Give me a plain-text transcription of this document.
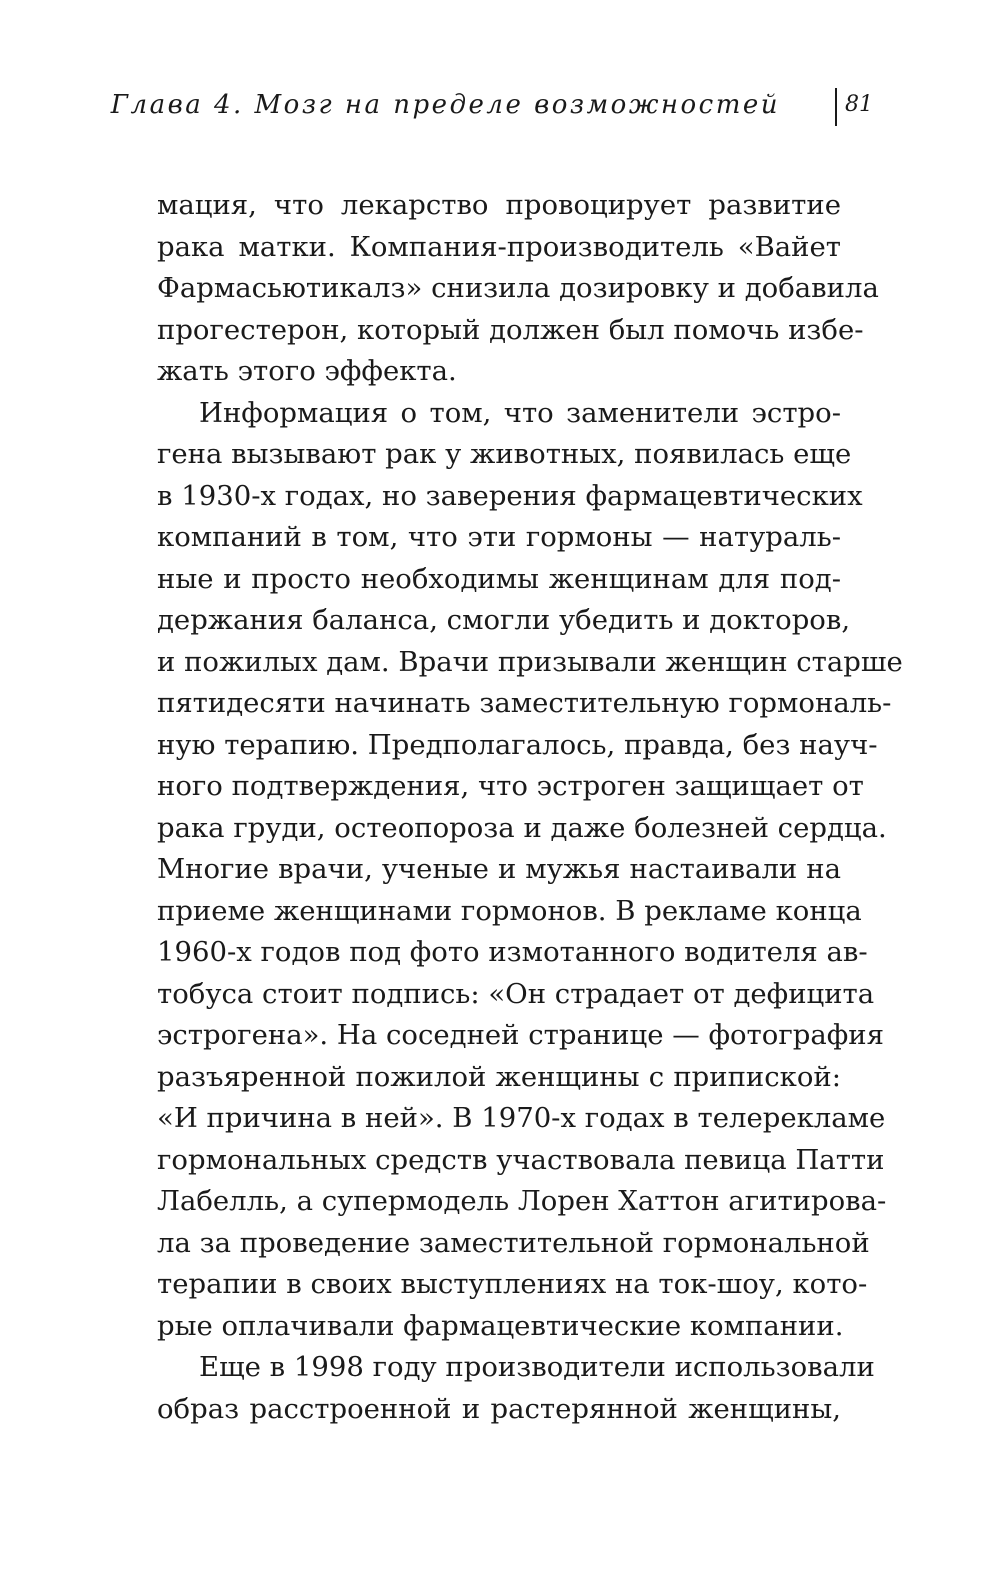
Глава 4. Мозг на пределе возможностей	81
мация, что лекарство провоцирует развитие
рака матки. Компания-производитель «Вайет
Фармасьютикалз» снизила дозировку и добавила
прогестерон, который должен был помочь избе-
жать этого эффекта.
Информация о том, что заменители эстро-
гена вызывают рак у животных, появилась еще
в 1930-х годах, но заверения фармацевтических
компаний в том, что эти гормоны — натураль-
ные и просто необходимы женщинам для под-
держания баланса, смогли убедить и докторов,
и пожилых дам. Врачи призывали женщин старше
пятидесяти начинать заместительную гормональ-
ную терапию. Предполагалось, правда, без науч-
ного подтверждения, что эстроген защищает от
рака груди, остеопороза и даже болезней сердца.
Многие врачи, ученые и мужья настаивали на
приеме женщинами гормонов. В рекламе конца
1960-х годов под фото измотанного водителя ав-
тобуса стоит подпись: «Он страдает от дефицита
эстрогена». На соседней странице — фотография
разъяренной пожилой женщины с припиской:
«И причина в ней». В 1970-х годах в телерекламе
гормональных средств участвовала певица Патти
Лабелль, а супермодель Лорен Хаттон агитирова-
ла за проведение заместительной гормональной
терапии в своих выступлениях на ток-шоу, кото-
рые оплачивали фармацевтические компании.
Еще в 1998 году производители использовали
образ расстроенной и растерянной женщины,
